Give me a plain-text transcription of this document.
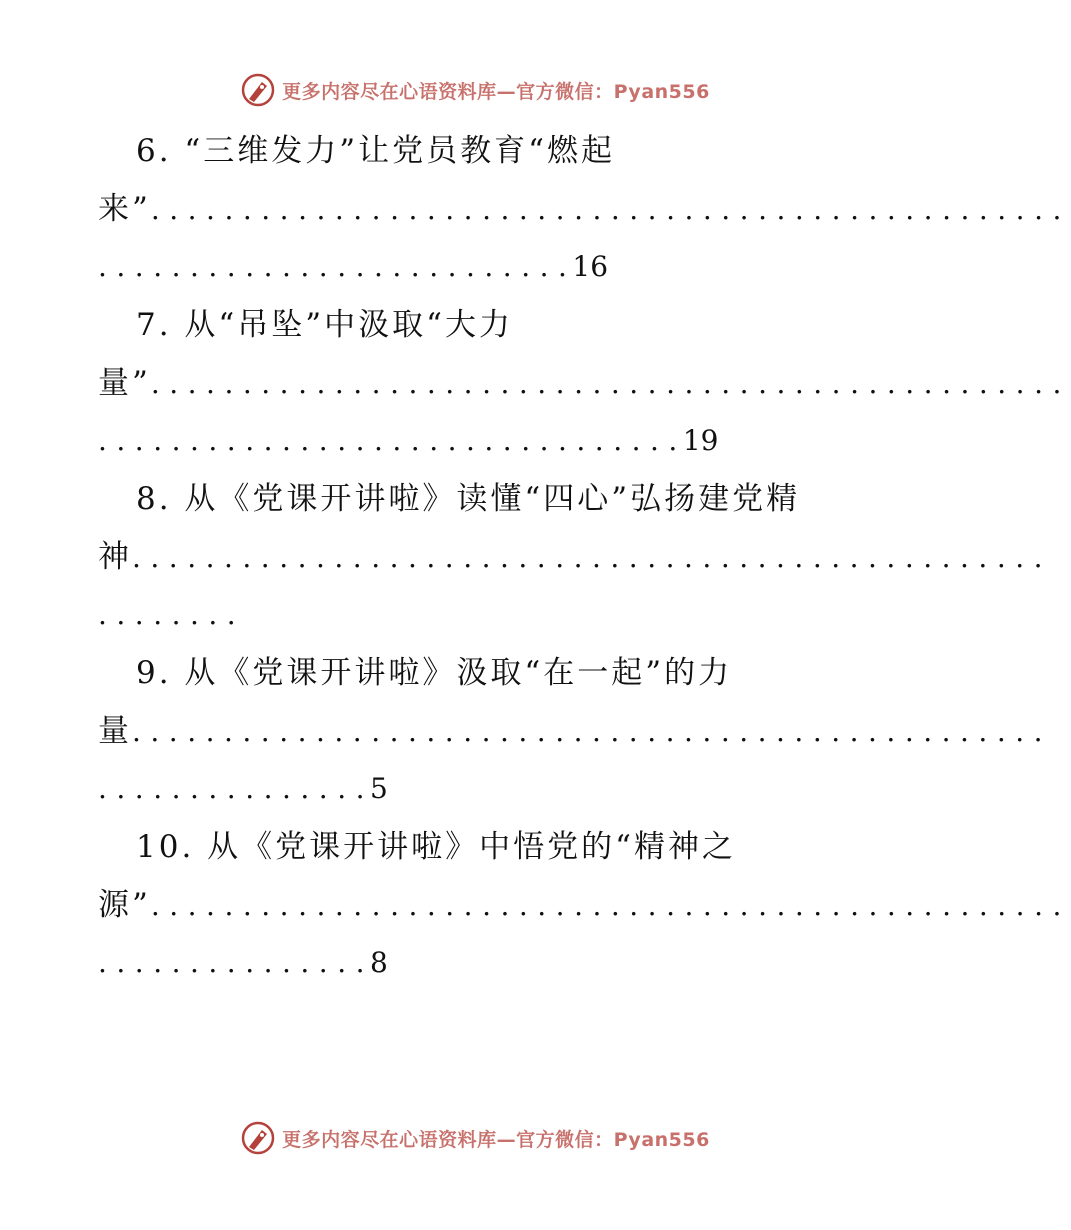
更多内容尽在心语资料库—官方微信：Pyan556
6. “三维发力”让党员教育“燃起
来” ..................................................
..........................
16
7. 从“吊坠”中汲取“大力
量” ..................................................
................................
19
8. 从《党课开讲啦》读懂“四心”弘扬建党精
神 ..................................................
........
9. 从《党课开讲啦》汲取“在一起”的力
量 ..................................................
...............
5
10. 从《党课开讲啦》中悟党的“精神之
源” ..................................................
...............
8
更多内容尽在心语资料库—官方微信：Pyan556
